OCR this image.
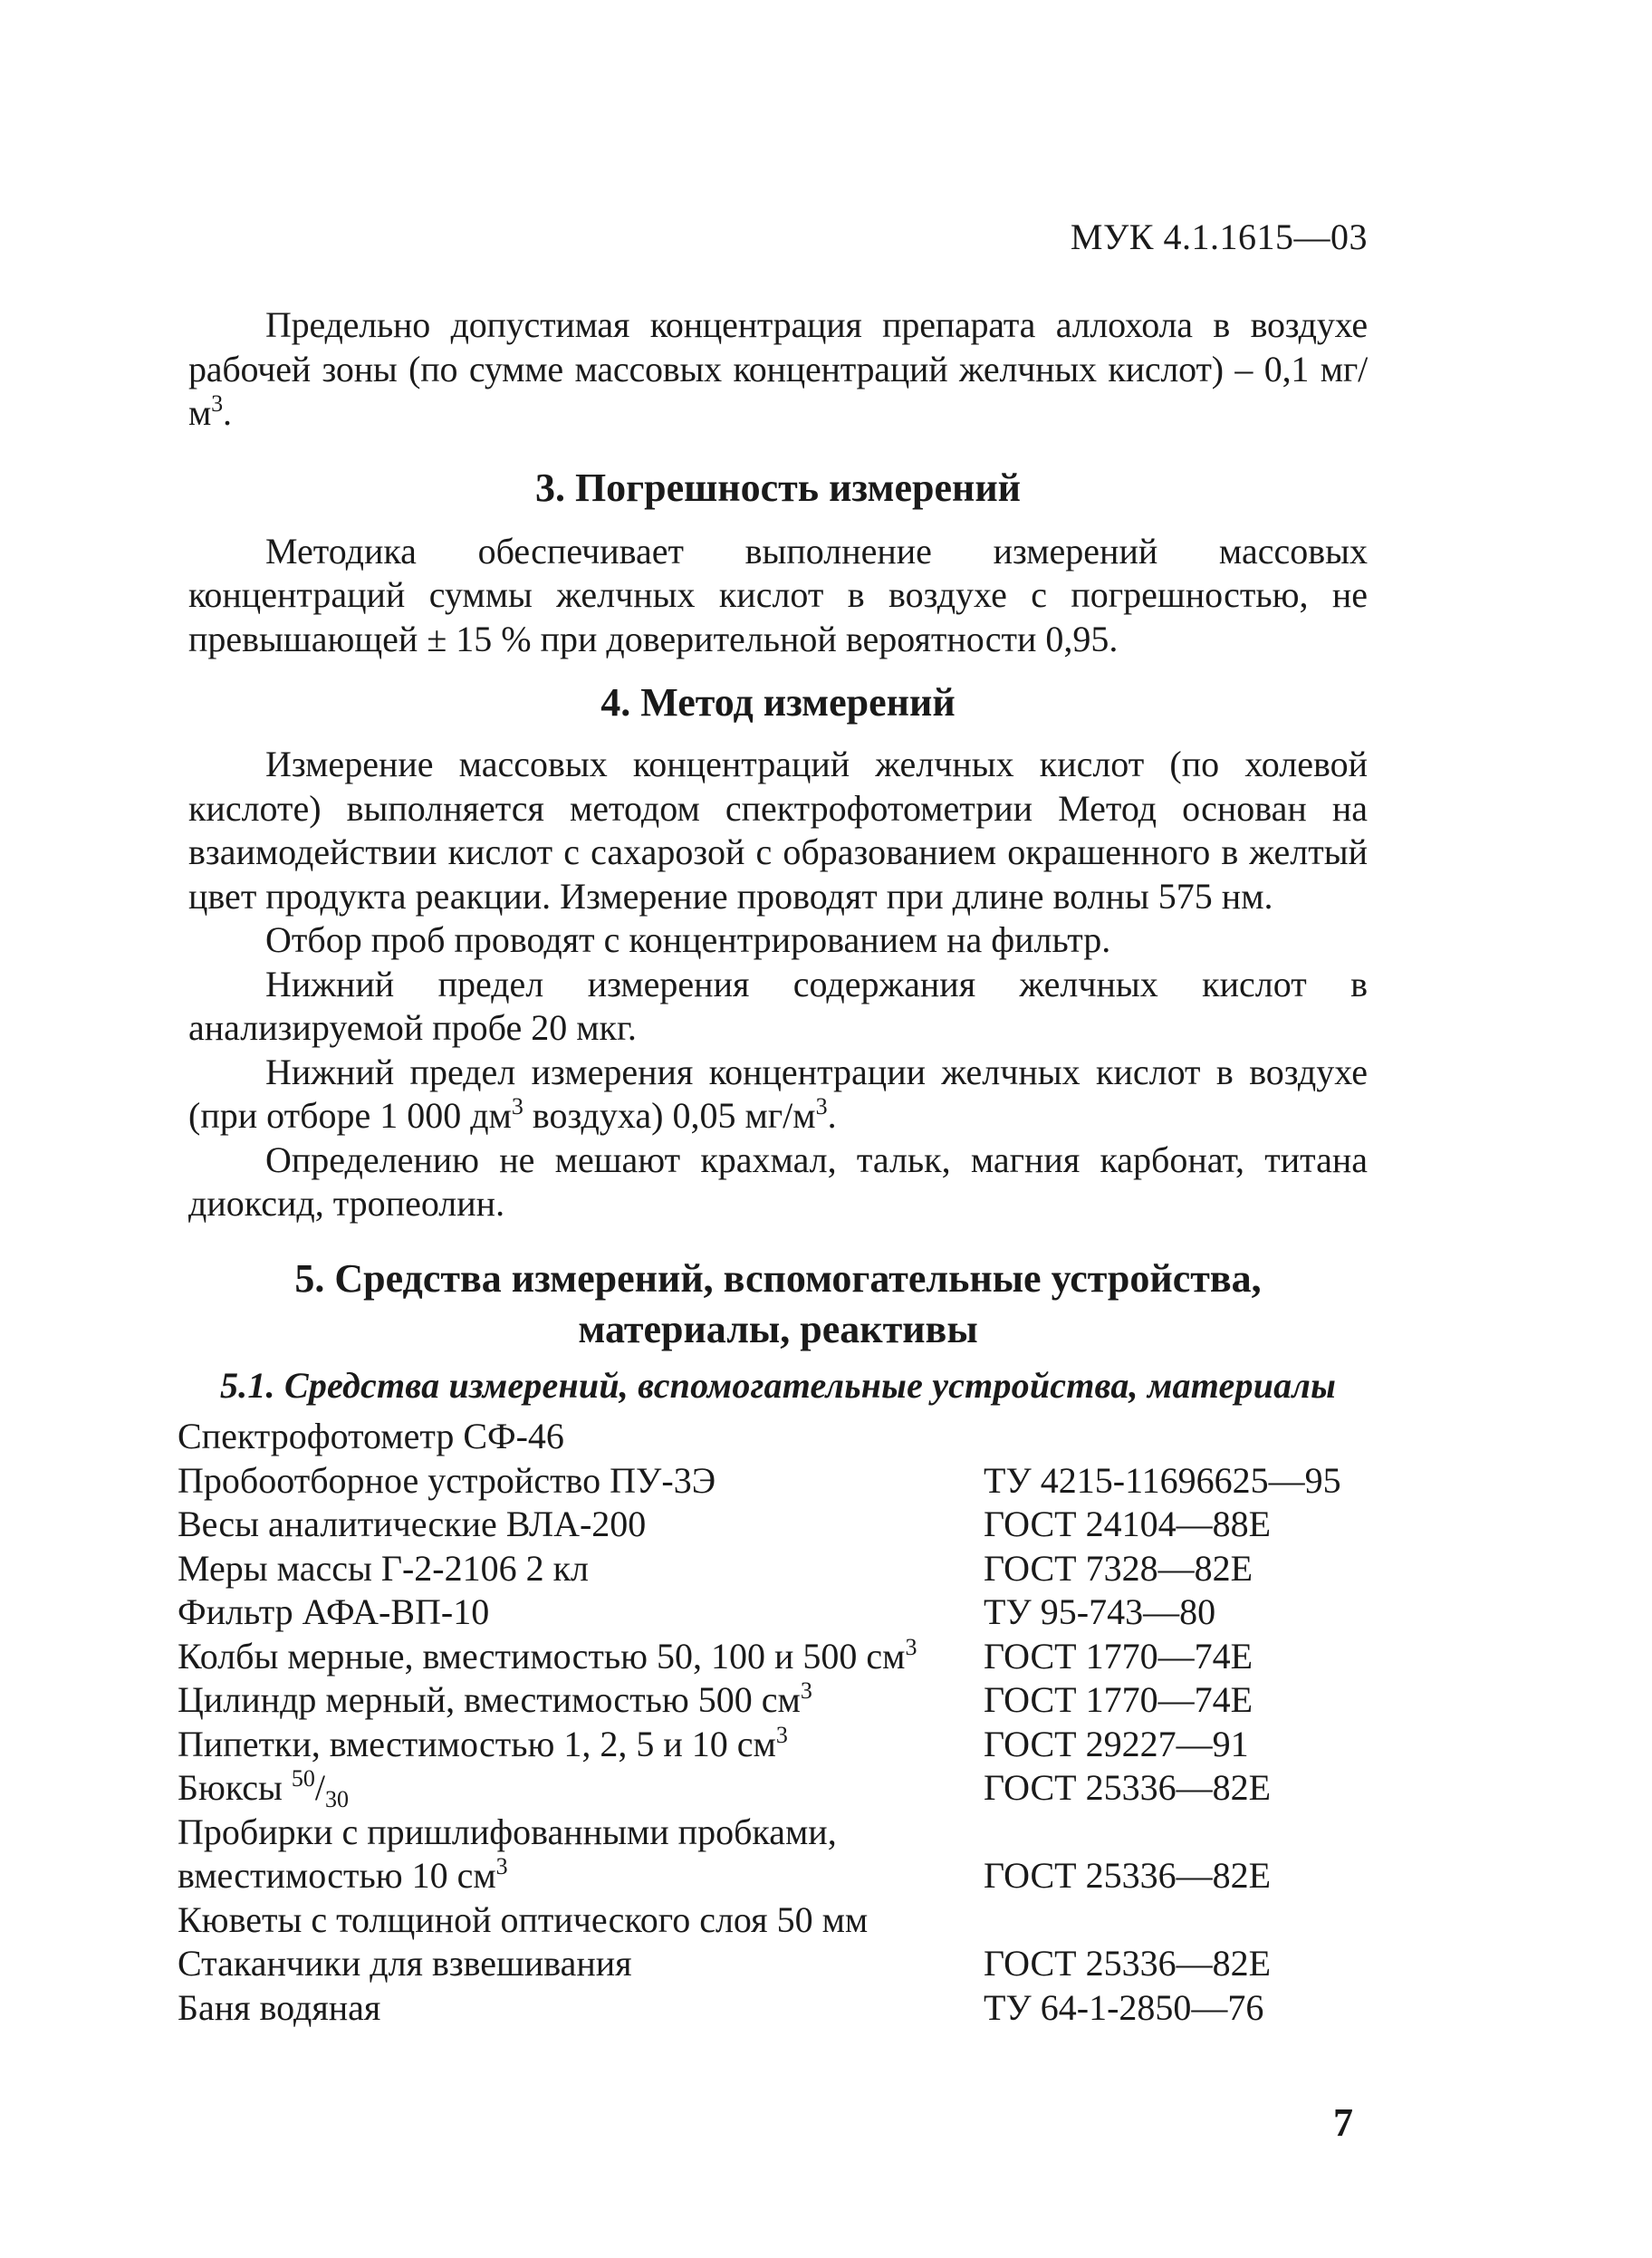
МУК 4.1.1615—03

Предельно допустимая концентрация препарата аллохола в воздухе рабочей зоны (по сумме массовых концентраций желчных кислот) – 0,1 $мг/м^3$.

3. Погрешность измерений

Методика обеспечивает выполнение измерений массовых концентраций суммы желчных кислот в воздухе с погрешностью, не превышающей ± 15 % при доверительной вероятности 0,95.

4. Метод измерений

Измерение массовых концентраций желчных кислот (по холевой кислоте) выполняется методом спектрофотометрии Метод основан на взаимодействии кислот с сахарозой с образованием окрашенного в желтый цвет продукта реакции. Измерение проводят при длине волны 575 нм.

Отбор проб проводят с концентрированием на фильтр.

Нижний предел измерения содержания желчных кислот в анализируемой пробе 20 мкг.

Нижний предел измерения концентрации желчных кислот в воздухе (при отборе 1 000 $дм^3$ воздуха) 0,05 $мг/м^3$.

Определению не мешают крахмал, тальк, магния карбонат, титана диоксид, тропеолин.

5. Средства измерений, вспомогательные устройства,
материалы, реактивы
5.1. Средства измерений, вспомогательные устройства, материалы
Спектрофотометр СФ-46	
Пробоотборное устройство ПУ-3Э	ТУ 4215-11696625—95
Весы аналитические ВЛА-200	ГОСТ 24104—88Е
Меры массы Г-2-2106 2 кл	ГОСТ 7328—82Е
Фильтр АФА-ВП-10	ТУ 95-743—80
Колбы мерные, вместимостью 50, 100 и 500 $см^3$	ГОСТ 1770—74Е
Цилиндр мерный, вместимостью 500 $см^3$	ГОСТ 1770—74Е
Пипетки, вместимостью 1, 2, 5 и 10 $см^3$	ГОСТ 29227—91
Бюксы $^{50}/_{30}$	ГОСТ 25336—82Е
Пробирки с пришлифованными пробками,	
вместимостью 10 $см^3$	ГОСТ 25336—82Е
Кюветы с толщиной оптического слоя 50 мм	
Стаканчики для взвешивания	ГОСТ 25336—82Е
Баня водяная	ТУ 64-1-2850—76
7
